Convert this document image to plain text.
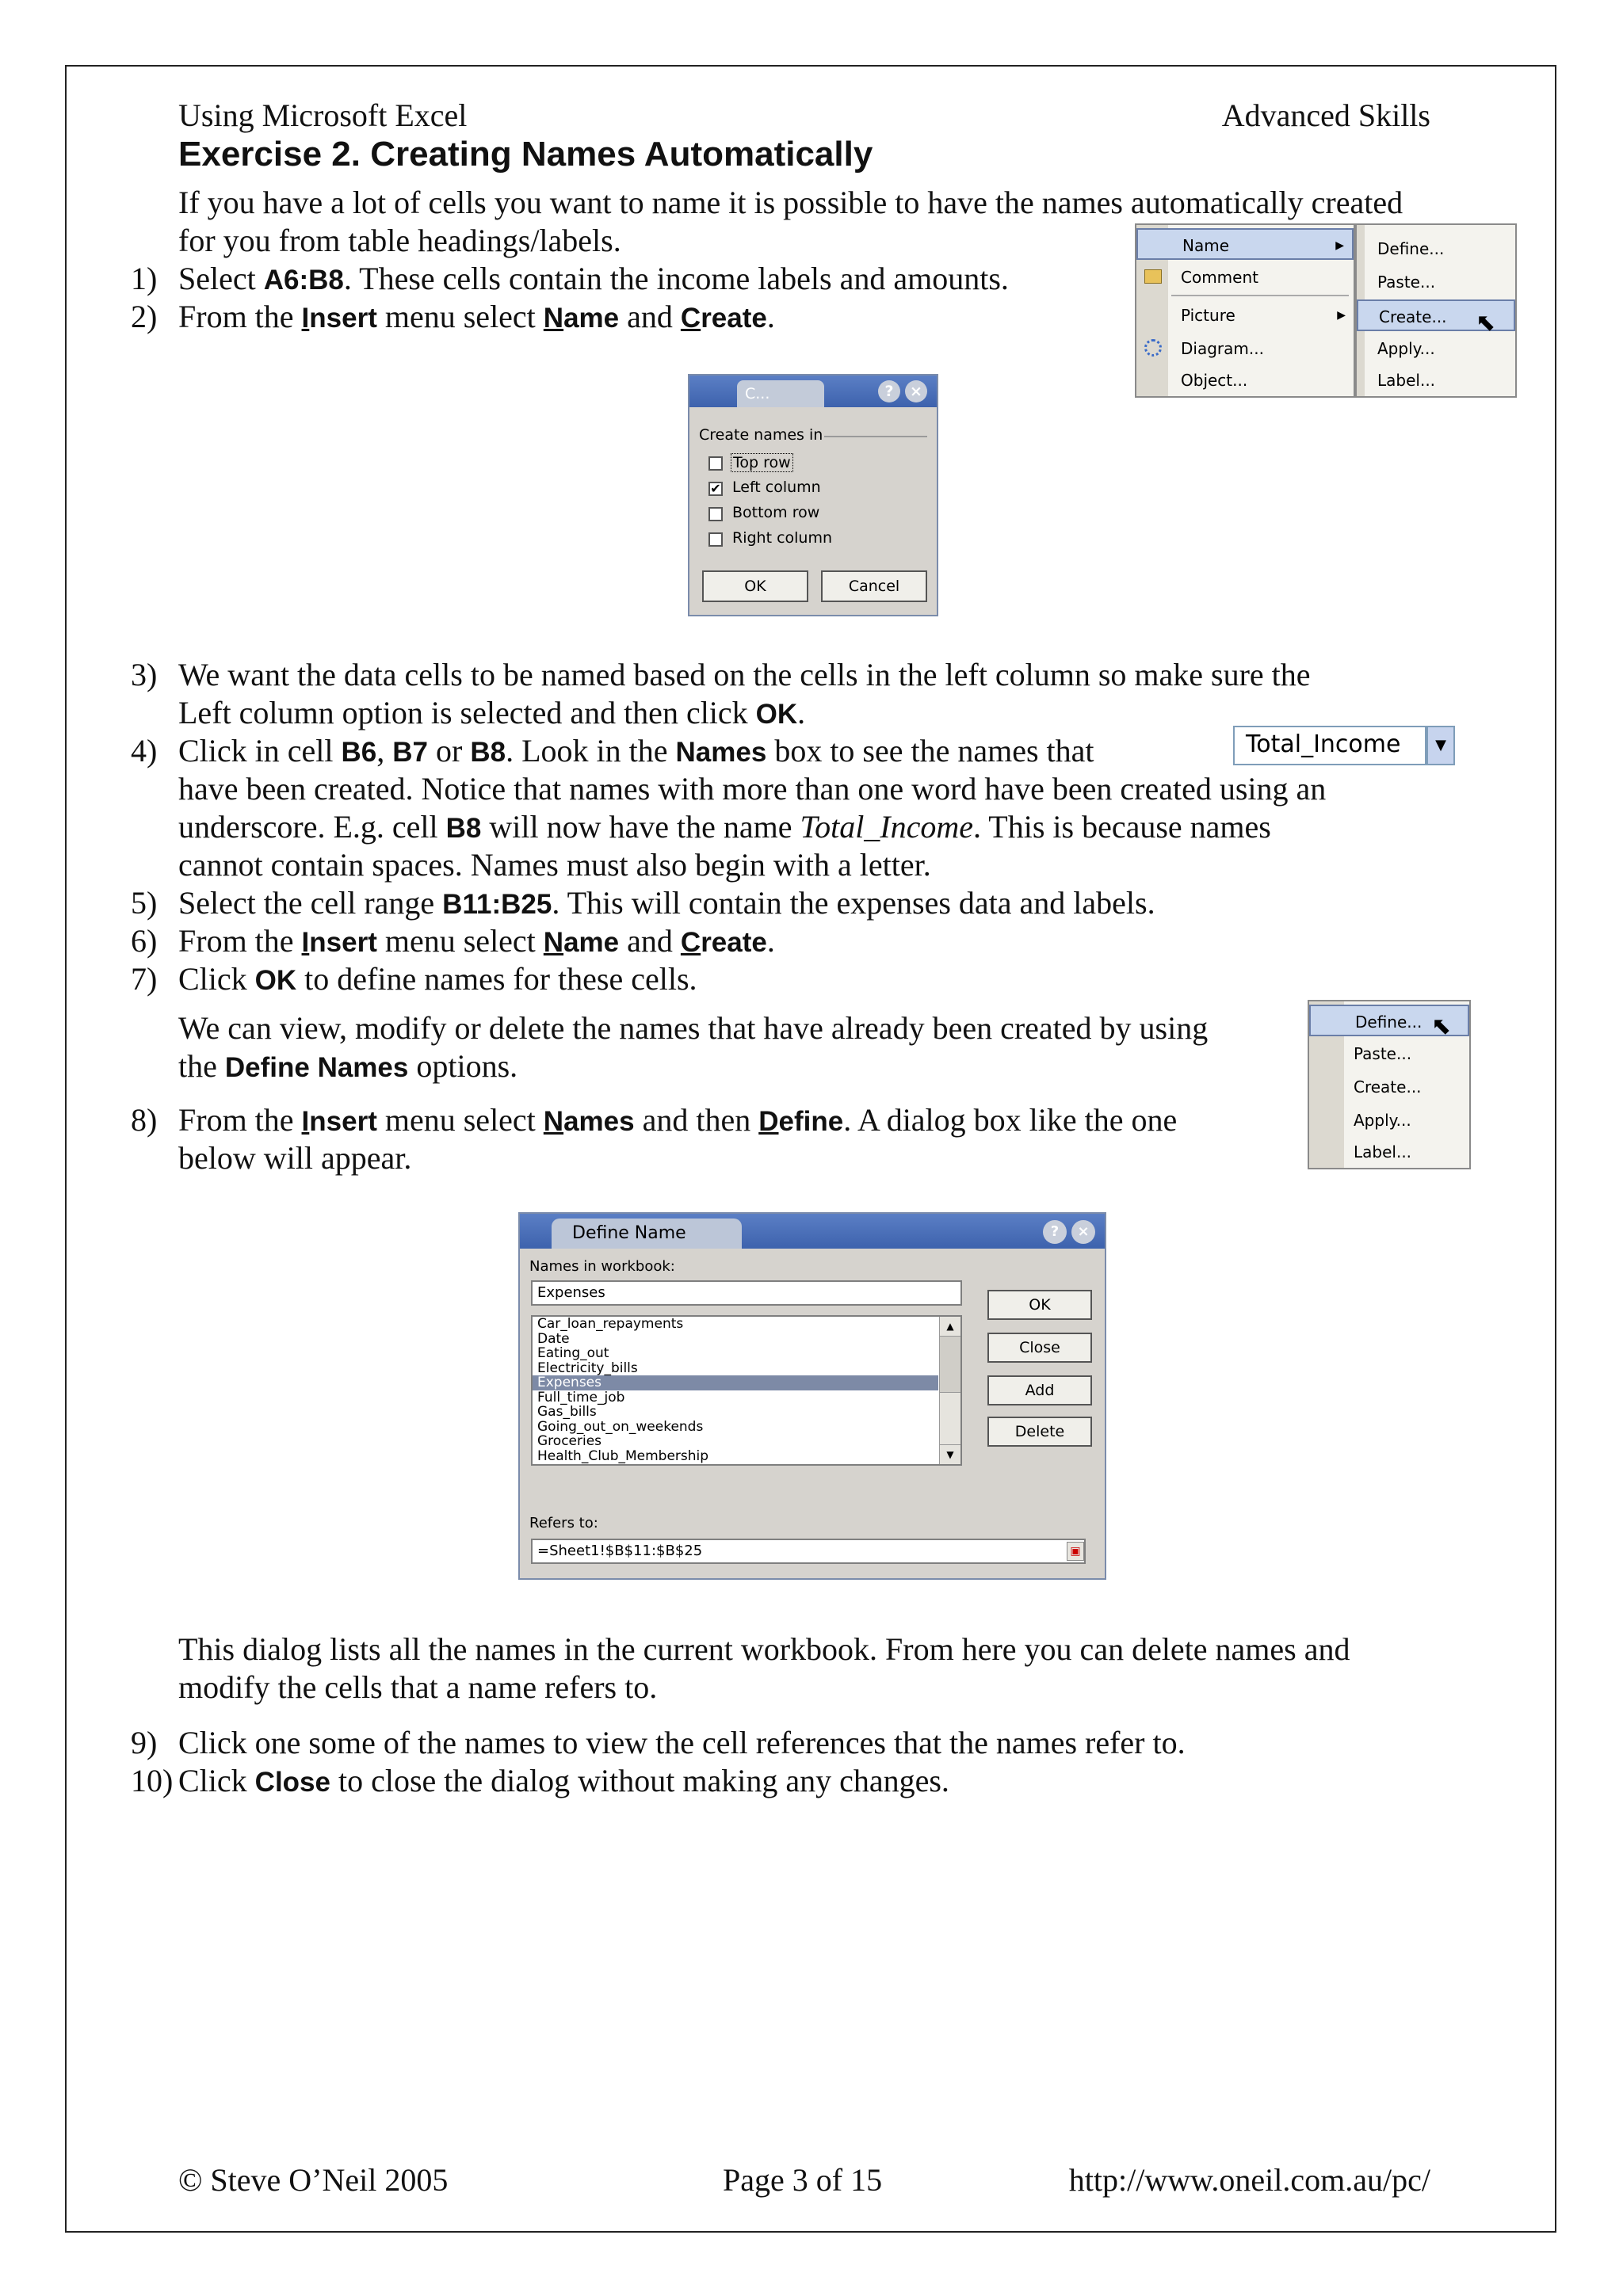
Using Microsoft Excel	Advanced Skills
Exercise 2. Creating Names Automatically
If you have a lot of cells you want to name it is possible to have the names automatically created
for you from table headings/labels.
1) Select A6:B8. These cells contain the income labels and amounts.
2) From the Insert menu select Name and Create.
Name	▶
Comment
Picture	▶
Diagram...
Object...
Define...
Paste...
Create...
Apply...
Label...
⬉
C...	?	×
Create names in
Top row
✔ Left column
Bottom row
Right column
OK	Cancel
3) We want the data cells to be named based on the cells in the left column so make sure the
Left column option is selected and then click OK.
4) Click in cell B6, B7 or B8. Look in the Names box to see the names that	Total_Income	▼
have been created. Notice that names with more than one word have been created using an
underscore. E.g. cell B8 will now have the name Total_Income. This is because names
cannot contain spaces. Names must also begin with a letter.
5) Select the cell range B11:B25. This will contain the expenses data and labels.
6) From the Insert menu select Name and Create.
7) Click OK to define names for these cells.
We can view, modify or delete the names that have already been created by using
the Define Names options.
Define...
Paste...
Create...
Apply...
Label...
⬉
8) From the Insert menu select Names and then Define. A dialog box like the one
below will appear.
Define Name	?	×
Names in workbook:
Expenses
Car_loan_repayments
Date
Eating_out
Electricity_bills
Expenses
Full_time_job
Gas_bills
Going_out_on_weekends
Groceries
Health_Club_Membership
▲
▼
OK
Close
Add
Delete
Refers to:
=Sheet1!$B$11:$B$25	▣
This dialog lists all the names in the current workbook. From here you can delete names and
modify the cells that a name refers to.
9) Click one some of the names to view the cell references that the names refer to.
10) Click Close to close the dialog without making any changes.
© Steve O’Neil 2005	Page 3 of 15	http://www.oneil.com.au/pc/
